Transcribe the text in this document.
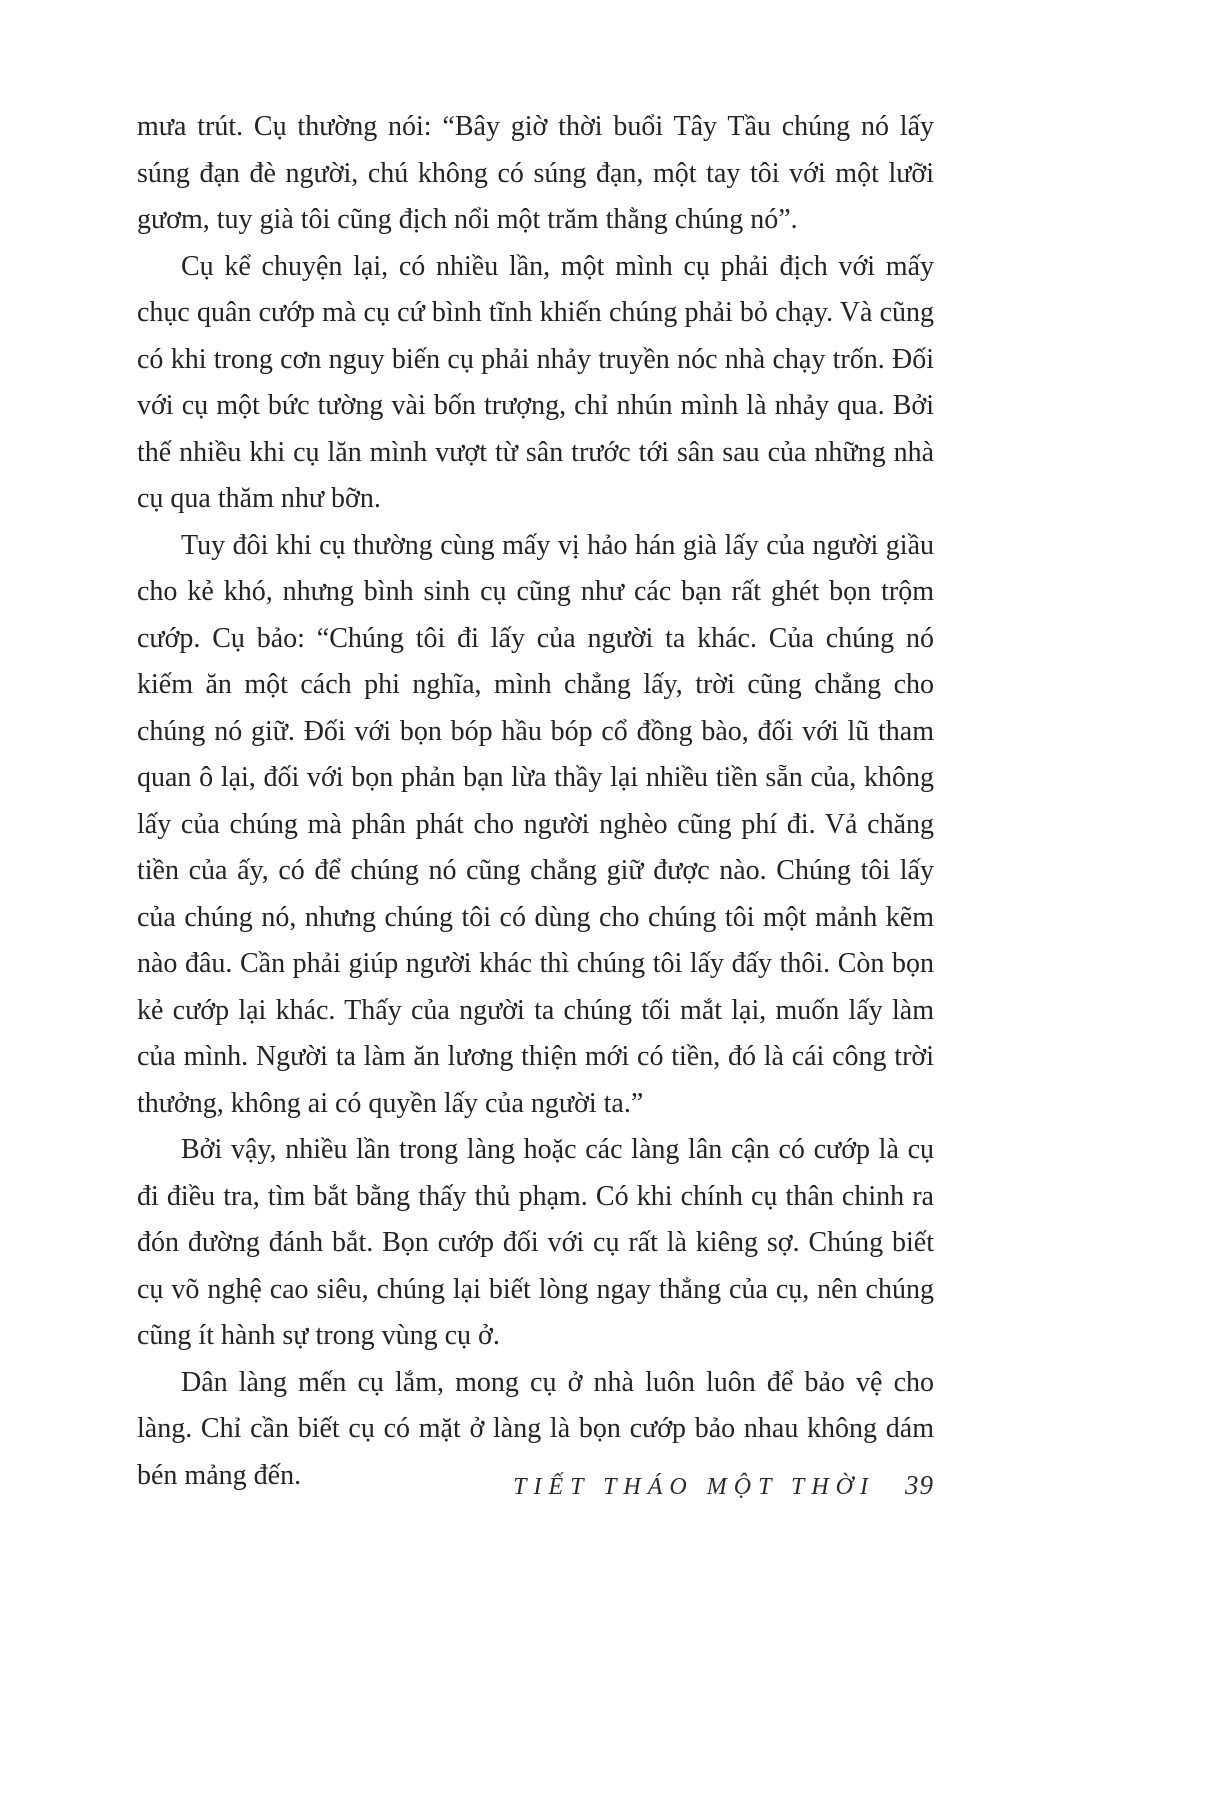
mưa trút. Cụ thường nói: “Bây giờ thời buổi Tây Tầu chúng nó lấy súng đạn đè người, chú không có súng đạn, một tay tôi với một lưỡi gươm, tuy già tôi cũng địch nổi một trăm thằng chúng nó”.

Cụ kể chuyện lại, có nhiều lần, một mình cụ phải địch với mấy chục quân cướp mà cụ cứ bình tĩnh khiến chúng phải bỏ chạy. Và cũng có khi trong cơn nguy biến cụ phải nhảy truyền nóc nhà chạy trốn. Đối với cụ một bức tường vài bốn trượng, chỉ nhún mình là nhảy qua. Bởi thế nhiều khi cụ lăn mình vượt từ sân trước tới sân sau của những nhà cụ qua thăm như bỡn.

Tuy đôi khi cụ thường cùng mấy vị hảo hán già lấy của người giầu cho kẻ khó, nhưng bình sinh cụ cũng như các bạn rất ghét bọn trộm cướp. Cụ bảo: “Chúng tôi đi lấy của người ta khác. Của chúng nó kiếm ăn một cách phi nghĩa, mình chẳng lấy, trời cũng chẳng cho chúng nó giữ. Đối với bọn bóp hầu bóp cổ đồng bào, đối với lũ tham quan ô lại, đối với bọn phản bạn lừa thầy lại nhiều tiền sẵn của, không lấy của chúng mà phân phát cho người nghèo cũng phí đi. Vả chăng tiền của ấy, có để chúng nó cũng chẳng giữ được nào. Chúng tôi lấy của chúng nó, nhưng chúng tôi có dùng cho chúng tôi một mảnh kẽm nào đâu. Cần phải giúp người khác thì chúng tôi lấy đấy thôi. Còn bọn kẻ cướp lại khác. Thấy của người ta chúng tối mắt lại, muốn lấy làm của mình. Người ta làm ăn lương thiện mới có tiền, đó là cái công trời thưởng, không ai có quyền lấy của người ta.”

Bởi vậy, nhiều lần trong làng hoặc các làng lân cận có cướp là cụ đi điều tra, tìm bắt bằng thấy thủ phạm. Có khi chính cụ thân chinh ra đón đường đánh bắt. Bọn cướp đối với cụ rất là kiêng sợ. Chúng biết cụ võ nghệ cao siêu, chúng lại biết lòng ngay thẳng của cụ, nên chúng cũng ít hành sự trong vùng cụ ở.

Dân làng mến cụ lắm, mong cụ ở nhà luôn luôn để bảo vệ cho làng. Chỉ cần biết cụ có mặt ở làng là bọn cướp bảo nhau không dám bén mảng đến.	TIẾT THÁO MỘT THỜI 39
